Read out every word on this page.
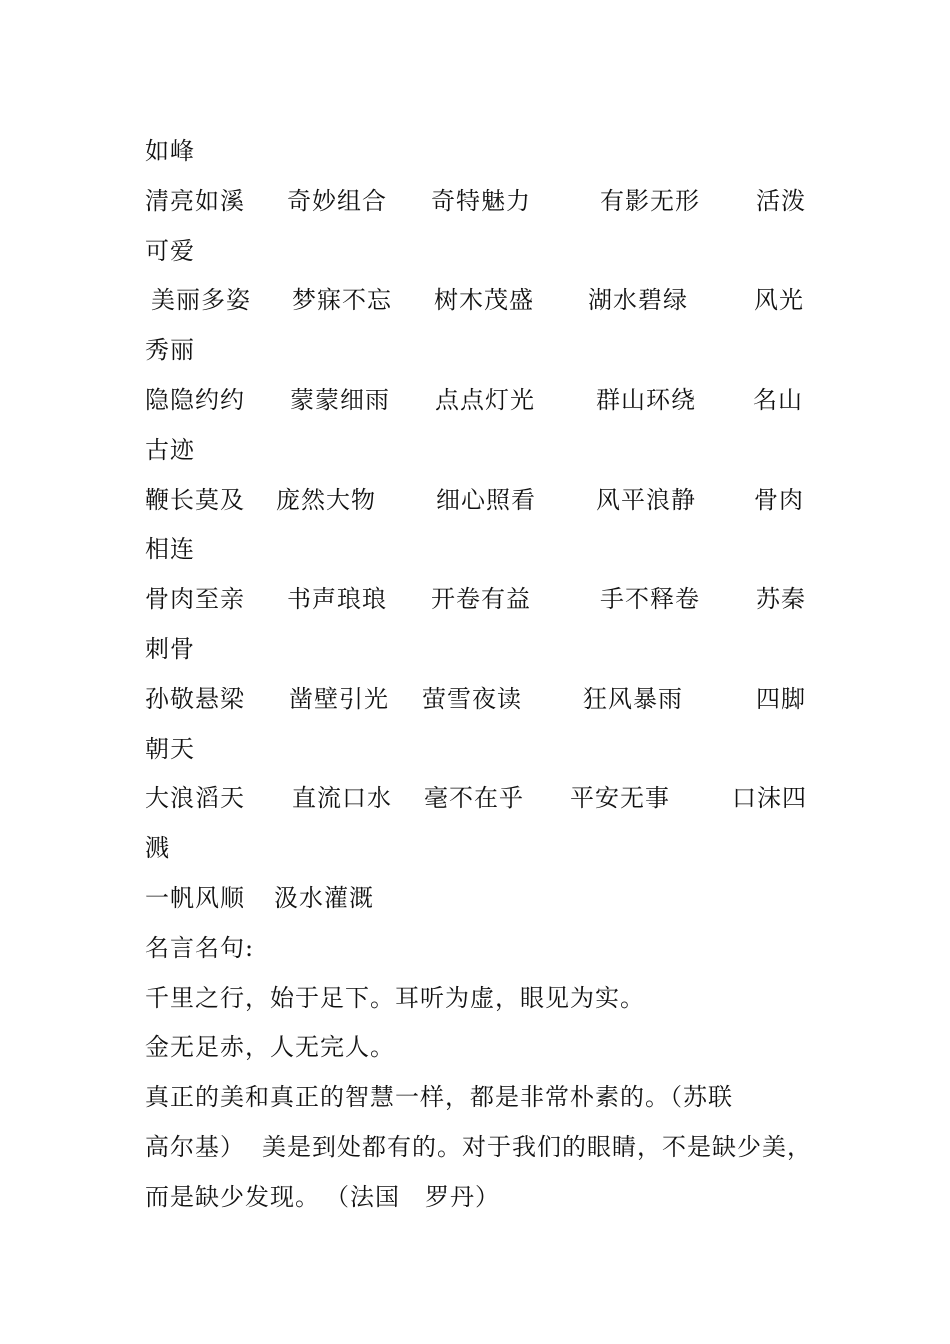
如峰
清亮如溪 奇妙组合 奇特魅力	有影无形 活泼
可爱
美丽多姿 梦寐不忘 树木茂盛 湖水碧绿	风光
秀丽
隐隐约约 蒙蒙细雨 点点灯光	群山环绕 名山
古迹
鞭长莫及 庞然大物	细心照看	风平浪静 骨肉
相连
骨肉至亲 书声琅琅 开卷有益	手不释卷 苏秦
刺骨
孙敬悬梁 凿壁引光 萤雪夜读	狂风暴雨	四脚
朝天
大浪滔天 直流口水 毫不在乎 平安无事	口沫四
溅
一帆风顺 汲水灌溉
名言名句:
千里之行，始于足下。耳听为虚，眼见为实。
金无足赤，人无完人。
真正的美和真正的智慧一样，都是非常朴素的。（苏联
高尔基） 美是到处都有的。对于我们的眼睛，不是缺少美，
而是缺少发现。 （法国　罗丹）
